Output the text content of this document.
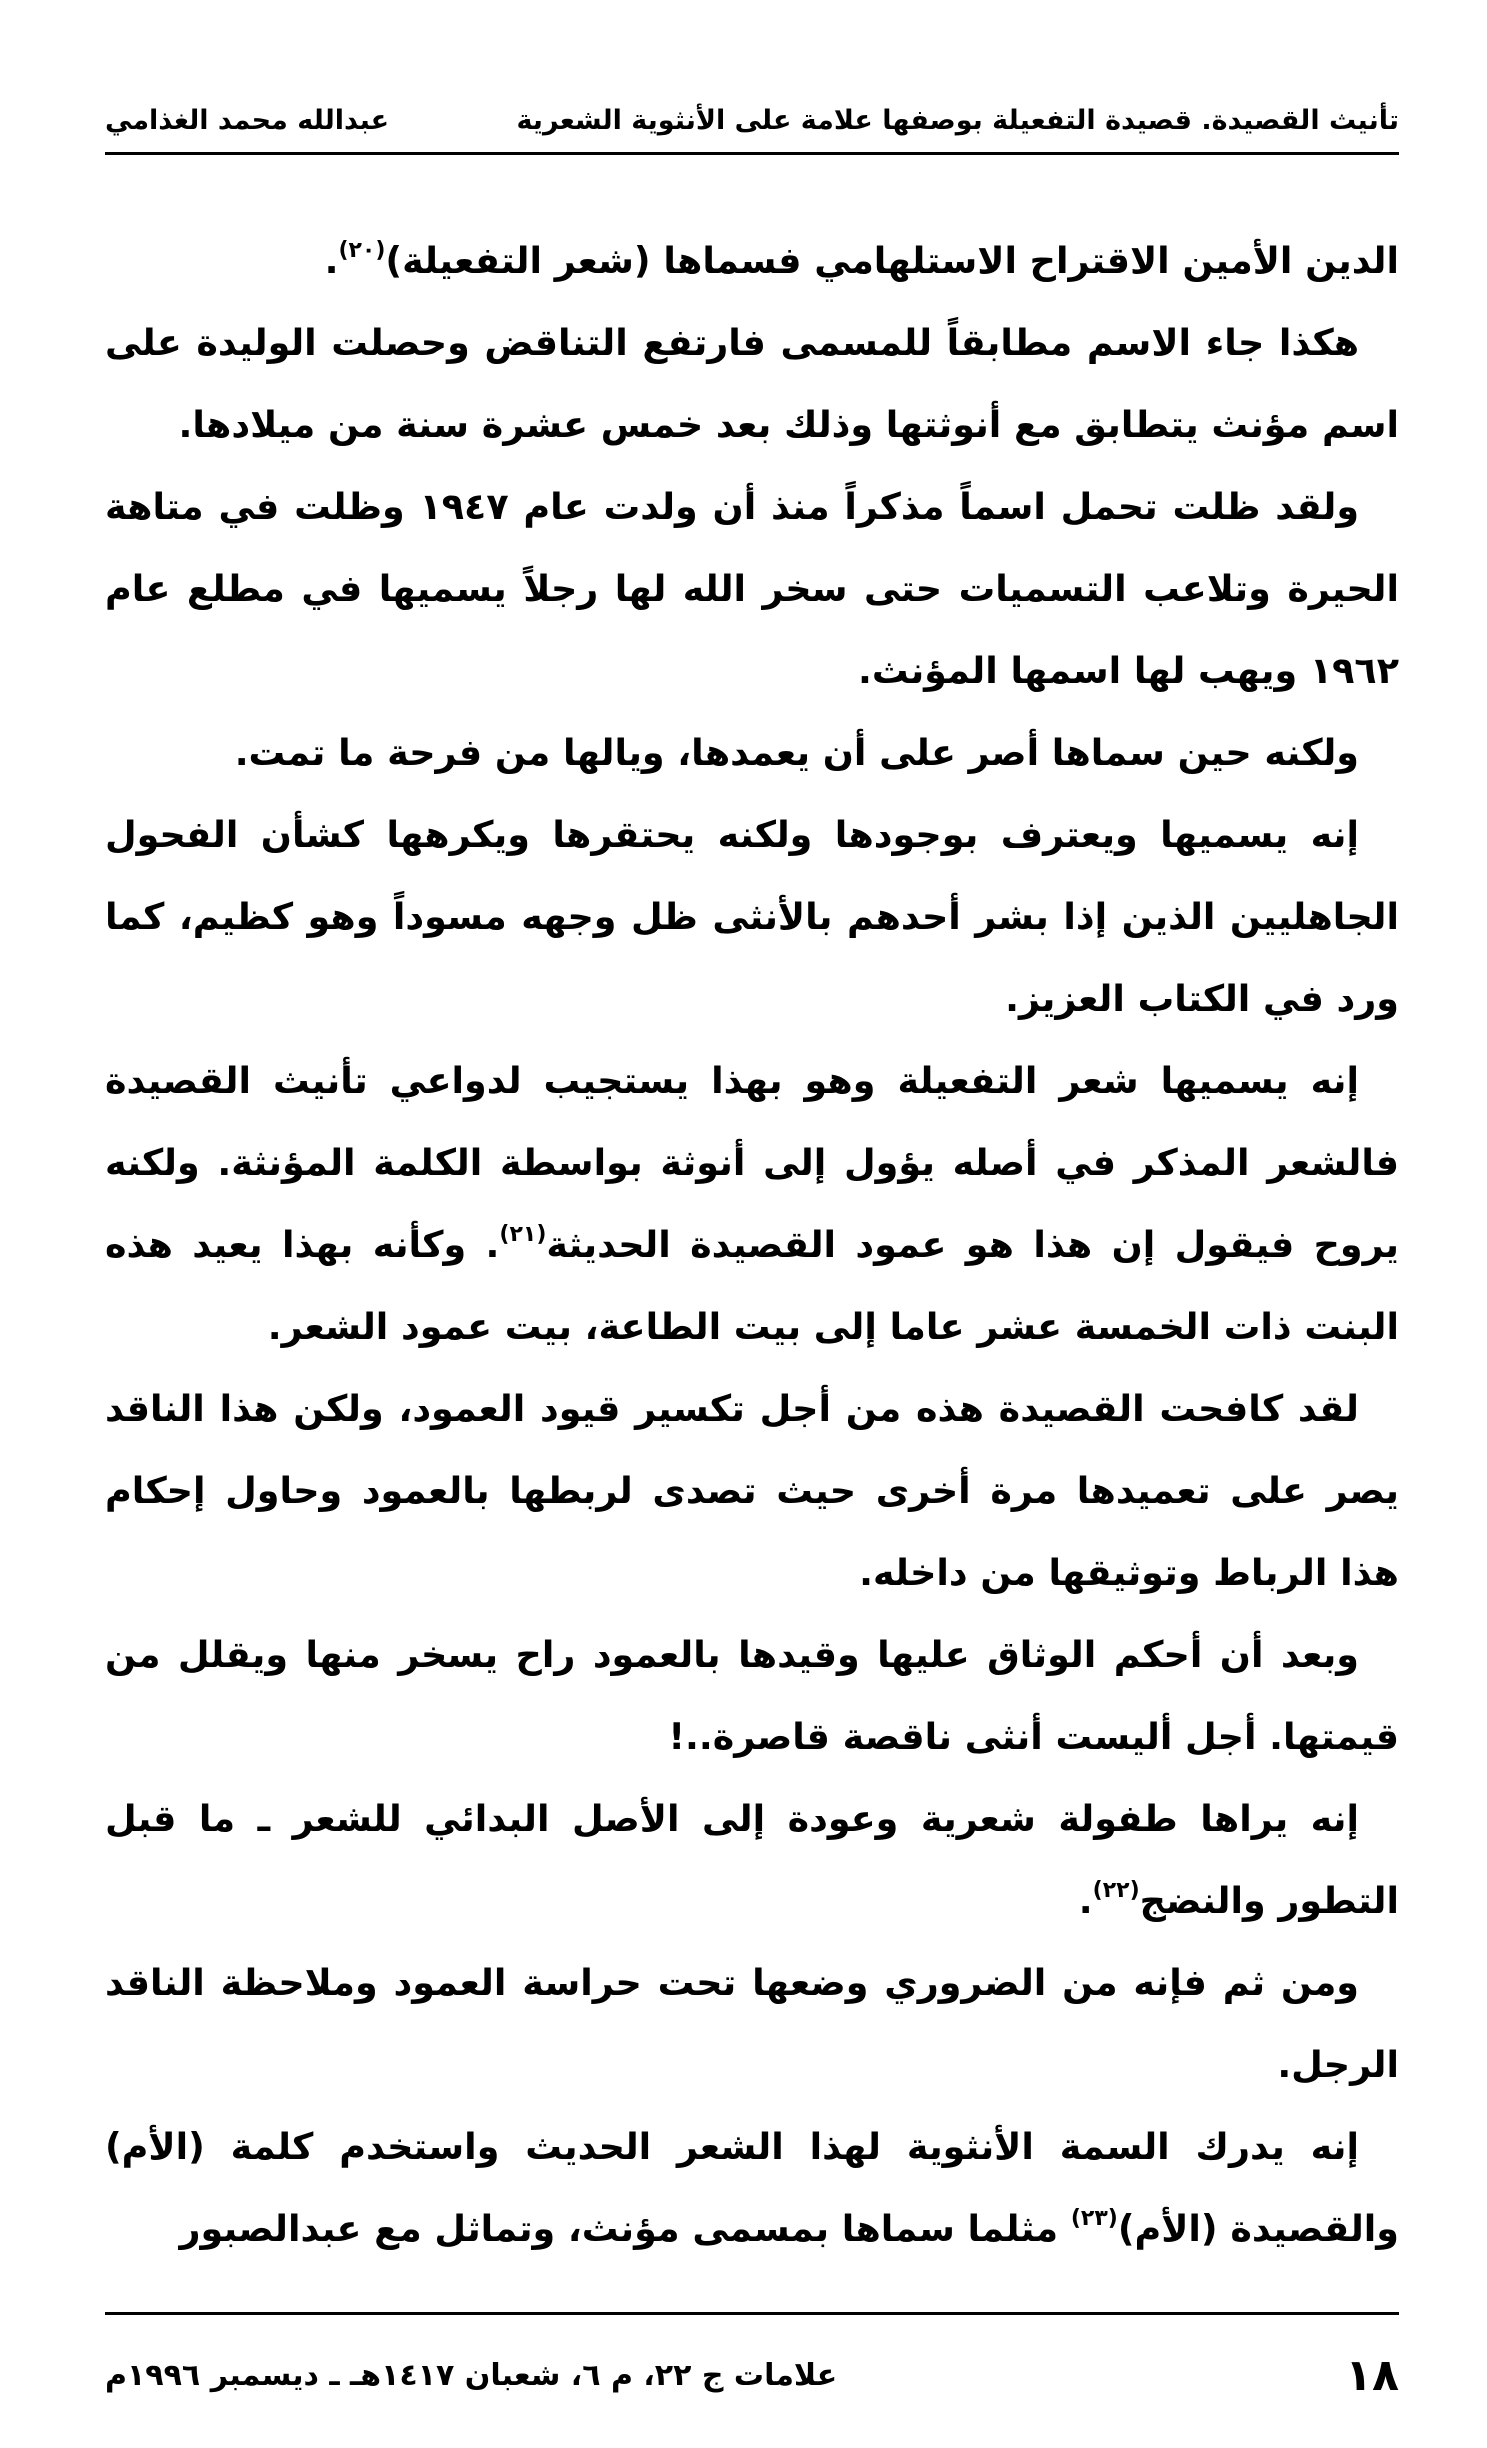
تأنيث القصيدة. قصيدة التفعيلة بوصفها علامة على الأنثوية الشعرية
عبدالله محمد الغذامي

الدين الأمين الاقتراح الاستلهامي فسماها (شعر التفعيلة)$^{(٢٠)}$.

هكذا جاء الاسم مطابقاً للمسمى فارتفع التناقض وحصلت الوليدة على اسم مؤنث يتطابق مع أنوثتها وذلك بعد خمس عشرة سنة من ميلادها.

ولقد ظلت تحمل اسماً مذكراً منذ أن ولدت عام ١٩٤٧ وظلت في متاهة الحيرة وتلاعب التسميات حتى سخر الله لها رجلاً يسميها في مطلع عام ١٩٦٢ ويهب لها اسمها المؤنث.

ولكنه حين سماها أصر على أن يعمدها، ويالها من فرحة ما تمت.

إنه يسميها ويعترف بوجودها ولكنه يحتقرها ويكرهها كشأن الفحول الجاهليين الذين إذا بشر أحدهم بالأنثى ظل وجهه مسوداً وهو كظيم، كما ورد في الكتاب العزيز.

إنه يسميها شعر التفعيلة وهو بهذا يستجيب لدواعي تأنيث القصيدة فالشعر المذكر في أصله يؤول إلى أنوثة بواسطة الكلمة المؤنثة. ولكنه يروح فيقول إن هذا هو عمود القصيدة الحديثة$^{(٢١)}$. وكأنه بهذا يعيد هذه البنت ذات الخمسة عشر عاما إلى بيت الطاعة، بيت عمود الشعر.

لقد كافحت القصيدة هذه من أجل تكسير قيود العمود، ولكن هذا الناقد يصر على تعميدها مرة أخرى حيث تصدى لربطها بالعمود وحاول إحكام هذا الرباط وتوثيقها من داخله.

وبعد أن أحكم الوثاق عليها وقيدها بالعمود راح يسخر منها ويقلل من قيمتها. أجل أليست أنثى ناقصة قاصرة..!

إنه يراها طفولة شعرية وعودة إلى الأصل البدائي للشعر ـ ما قبل التطور والنضج$^{(٢٢)}$.

ومن ثم فإنه من الضروري وضعها تحت حراسة العمود وملاحظة الناقد الرجل.

إنه يدرك السمة الأنثوية لهذا الشعر الحديث واستخدم كلمة (الأم) والقصيدة (الأم)$^{(٢٣)}$ مثلما سماها بمسمى مؤنث، وتماثل مع عبدالصبور

١٨
علامات ج ٢٢، م ٦، شعبان ١٤١٧هـ ـ ديسمبر ١٩٩٦م
